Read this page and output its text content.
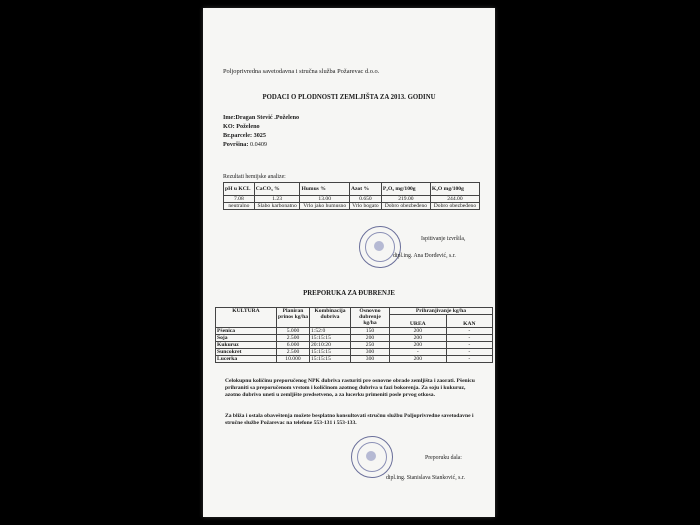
Poljoprivredna savetodavna i stručna služba Požarevac d.o.o.
PODACI O PLODNOSTI ZEMLJIŠTA ZA 2013. GODINU
Ime:Dragan Stević .Poželeno
KO: Poželeno
Br.parcele: 3025
Površina: 0.0409
Rezultati hemijske analize:
pH u KCL	CaCO₃ %	Humus %	Azot %	P₂O₅ mg/100g	K₂O mg/100g
7.08	1.23	13.00	0.650	219.00	244.00
neutralno	Slabo karbonatno	Vrlo jako humusno	Vrlo bogato	Dobro obezbeđeno	Dobro obezbeđeno
Ispitivanje izvršila,
dipl.ing. Ana Đorđević, s.r.
PREPORUKA ZA ĐUBRENJE
KULTURA	Planiran prinos kg/ha	Kombinacija đubriva	Osnovno đubrenje kg/ha	Prihranjivanje kg/ha	
				UREA	KAN
Pšenica	5.000	1:52:0	150	200	-
Soja	2.500	15:15:15	200	200	-
Kukuruz	6.000	20:10:20	250	200	-
Suncokret	2.500	15:15:15	300	-	-
Lucerka	10.000	15:15:15	300	200	-
Celokupnu količinu preporučenog NPK đubriva rasturiti pre osnovne obrade zemljišta i zaorati. Pšenicu prihraniti sa preporučenom vrstom i količinom azotnog đubriva u fazi bokorenja. Za soju i kukuruz, azotno đubrivo uneti u zemljište predsetveno, a za lucerku primeniti posle prvog otkosa.
Za bliža i ostala obaveštenja možete besplatno konsultovati stručnu službu Poljoprivredne savetodavne i stručne službe Požarevac na telefone 553-131 i 553-133.
Preporuku dala:
dipl.ing. Stanislava Stanković, s.r.
